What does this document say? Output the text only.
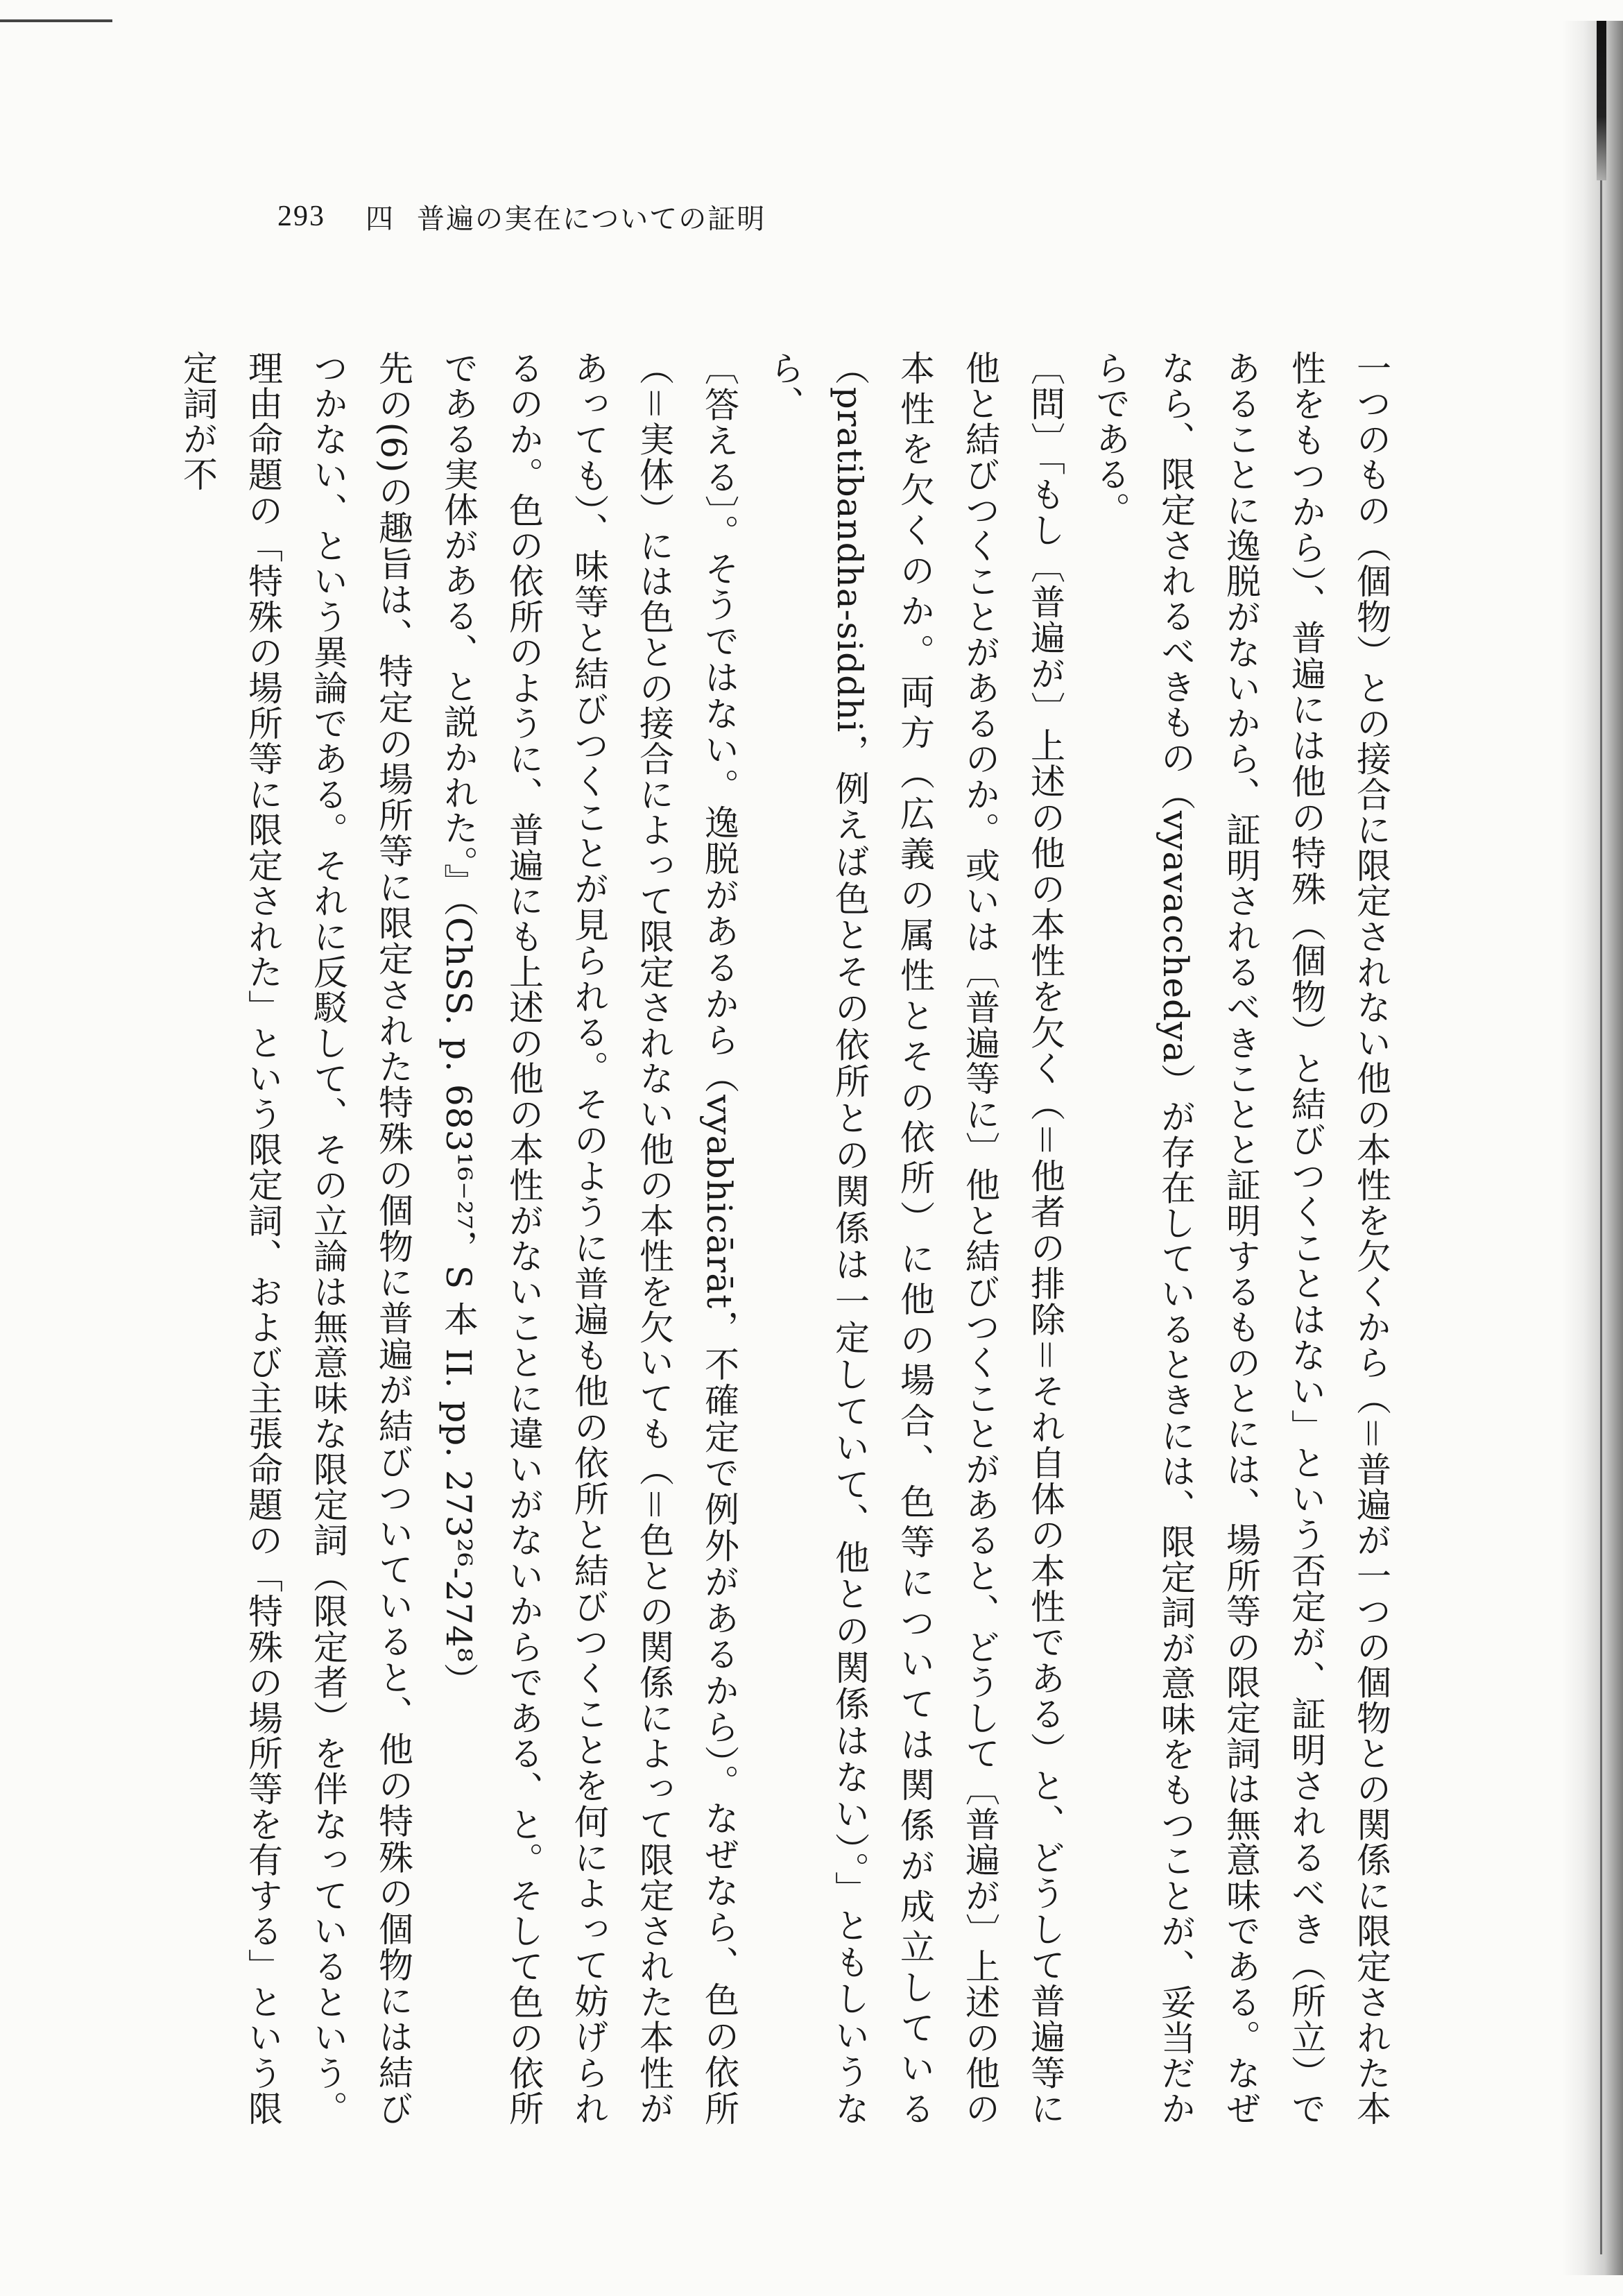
293 四 普遍の実在についての証明

一つのもの（個物）との接合に限定されない他の本性を欠くから（＝普遍が一つの個物との関係に限定された本性をもつから）、普遍には他の特殊（個物）と結びつくことはない」という否定が、証明されるべき（所立）であることに逸脱がないから、証明されるべきことと証明するものとには、場所等の限定詞は無意味である。なぜなら、限定されるべきもの（vyavacchedya）が存在しているときには、限定詞が意味をもつことが、妥当だからである。

〔問〕「もし〔普遍が〕上述の他の本性を欠く（＝他者の排除＝それ自体の本性である）と、どうして普遍等に他と結びつくことがあるのか。或いは〔普遍等に〕他と結びつくことがあると、どうして〔普遍が〕上述の他の本性を欠くのか。両方（広義の属性とその依所）に他の場合、色等については関係が成立している（pratibandha-siddhi，例えば色とその依所との関係は一定していて、他との関係はない）。」ともしいうなら、

〔答える〕。そうではない。逸脱があるから（vyabhicārāt，不確定で例外があるから）。なぜなら、色の依所（＝実体）には色との接合によって限定されない他の本性を欠いても（＝色との関係によって限定された本性があっても）、味等と結びつくことが見られる。そのように普遍も他の依所と結びつくことを何によって妨げられるのか。色の依所のように、普遍にも上述の他の本性がないことに違いがないからである、と。そして色の依所である実体がある、と説かれた。』（ChSS. p. 683¹⁶⁻²⁷，S 本 II. pp. 273²⁶-274⁸）

先の(6)の趣旨は、特定の場所等に限定された特殊の個物に普遍が結びついていると、他の特殊の個物には結びつかない、という異論である。それに反駁して、その立論は無意味な限定詞（限定者）を伴なっているという。理由命題の「特殊の場所等に限定された」という限定詞、および主張命題の「特殊の場所等を有する」という限定詞が不
